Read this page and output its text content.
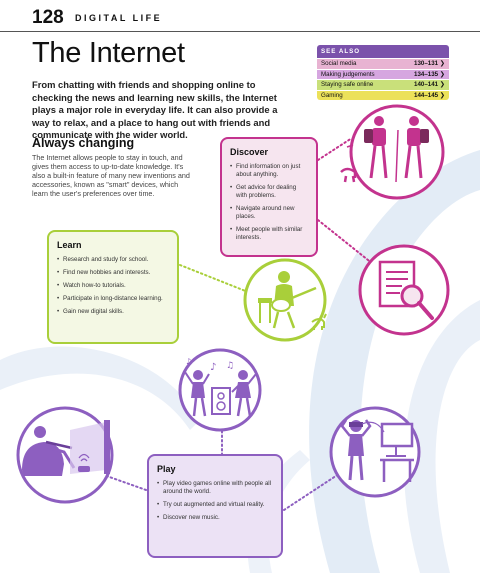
128 DIGITAL LIFE
The Internet
From chatting with friends and shopping online to checking the news and learning new skills, the Internet plays a major role in everyday life. It can also provide a way to relax, and a place to hang out with friends and communicate with the wider world.
Always changing
The Internet allows people to stay in touch, and gives them access to up-to-date knowledge. It's also a built-in feature of many new inventions and accessories, known as "smart" devices, which learn the user's preferences over time.
SEE ALSO
Social media	130–131 ❯
Making judgements	134–135 ❯
Staying safe online	140–141 ❯
Gaming	144–145 ❯
♪ ♫
♪
Discover
• Find information on just about anything.
• Get advice for dealing with problems.
• Navigate around new places.
• Meet people with similar interests.
Learn
• Research and study for school.
• Find new hobbies and interests.
• Watch how-to tutorials.
• Participate in long-distance learning.
• Gain new digital skills.
Play
• Play video games online with people all around the world.
• Try out augmented and virtual reality.
• Discover new music.
